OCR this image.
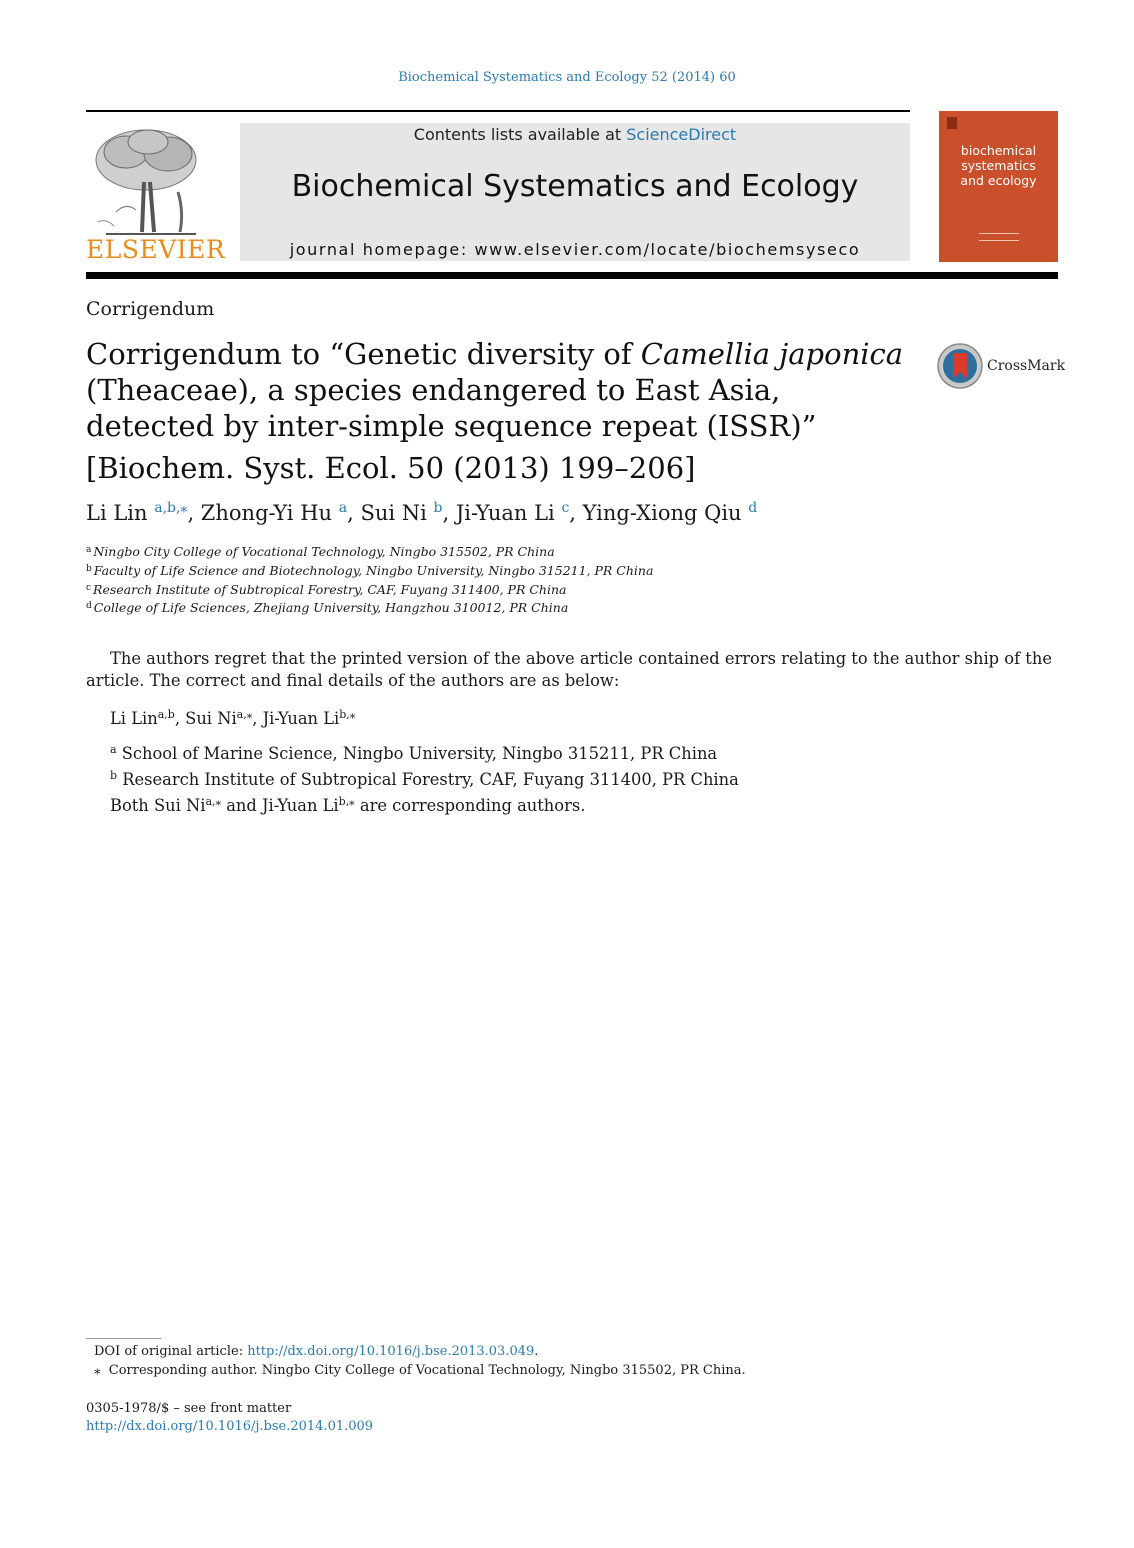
Biochemical Systematics and Ecology 52 (2014) 60
ELSEVIER
Contents lists available at ScienceDirect
Biochemical Systematics and Ecology
journal homepage: www.elsevier.com/locate/biochemsyseco
biochemical
systematics
and ecology
Corrigendum
Corrigendum to “Genetic diversity of Camellia japonica (Theaceae), a species endangered to East Asia, detected by inter-simple sequence repeat (ISSR)”
[Biochem. Syst. Ecol. 50 (2013) 199–206]
CrossMark
Li Lin $^{a,b,⁎}$, Zhong-Yi Hu $^a$, Sui Ni $^b$, Ji-Yuan Li $^c$, Ying-Xiong Qiu $^d$
$^a$ Ningbo City College of Vocational Technology, Ningbo 315502, PR China
$^b$ Faculty of Life Science and Biotechnology, Ningbo University, Ningbo 315211, PR China
$^c$ Research Institute of Subtropical Forestry, CAF, Fuyang 311400, PR China
$^d$ College of Life Sciences, Zhejiang University, Hangzhou 310012, PR China
The authors regret that the printed version of the above article contained errors relating to the author ship of the article. The correct and final details of the authors are as below:
Li Lin$^{a,b}$, Sui $Ni^{a,⁎}$, Ji-Yuan $Li^{b,⁎}$
$^a$ School of Marine Science, Ningbo University, Ningbo 315211, PR China
$^b$ Research Institute of Subtropical Forestry, CAF, Fuyang 311400, PR China
Both Sui $Ni^{a,⁎}$ and Ji-Yuan $Li^{b,⁎}$ are corresponding authors.
DOI of original article: http://dx.doi.org/10.1016/j.bse.2013.03.049.
⁎ Corresponding author. Ningbo City College of Vocational Technology, Ningbo 315502, PR China.
0305-1978/$ – see front matter
http://dx.doi.org/10.1016/j.bse.2014.01.009
